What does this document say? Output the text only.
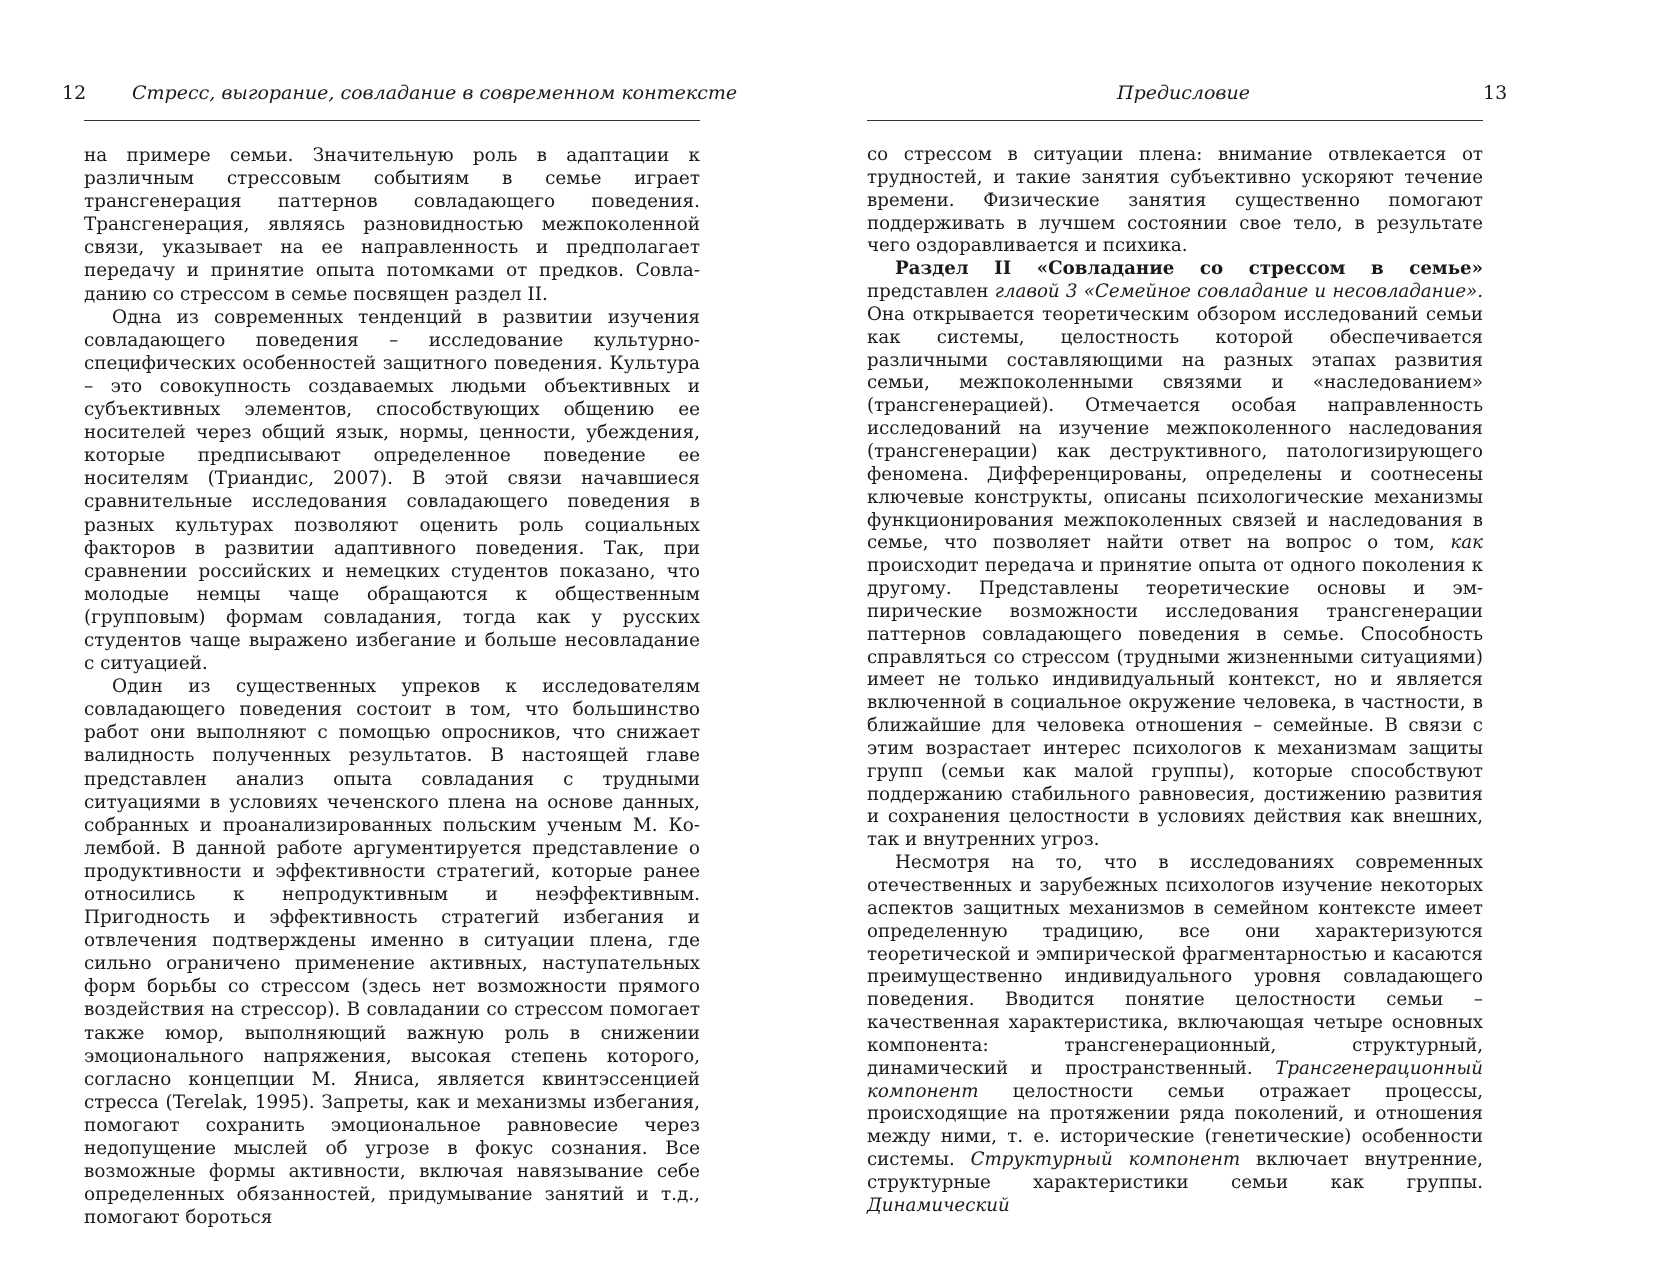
12 Стресс, выгорание, совладание в современном контексте

на примере семьи. Значительную роль в адаптации к различным стрессовым событиям в семье играет трансгенерация паттернов совладающего поведения. Трансгенерация, являясь разновидностью межпоколенной связи, указывает на ее направленность и предполагает передачу и принятие опыта потомками от предков. Совладанию со стрессом в семье посвящен раздел II.

Одна из современных тенденций в развитии изучения совладающего поведения – исследование культурно-специфических особенностей защитного поведения. Культура – это совокупность создаваемых людьми объективных и субъективных элементов, способствующих общению ее носителей через общий язык, нормы, ценности, убеждения, которые предписывают определенное поведение ее носителям (Триандис, 2007). В этой связи начавшиеся сравнительные исследования совладающего поведения в разных культурах позволяют оценить роль социальных факторов в развитии адаптивного поведения. Так, при сравнении российских и немецких студентов показано, что молодые немцы чаще обращаются к общественным (групповым) формам совладания, тогда как у русских студентов чаще выражено избегание и больше несовладание с ситуацией.

Один из существенных упреков к исследователям совладающего поведения состоит в том, что большинство работ они выполняют с помощью опросников, что снижает валидность полученных результатов. В настоящей главе представлен анализ опыта совладания с трудными ситуациями в условиях чеченского плена на основе данных, собранных и проанализированных польским ученым М. Колембой. В данной работе аргументируется представление о продуктивности и эффективности стратегий, которые ранее относились к непродуктивным и неэффективным. Пригодность и эффективность стратегий избегания и отвлечения подтверждены именно в ситуации плена, где сильно ограничено применение активных, наступательных форм борьбы со стрессом (здесь нет возможности прямого воздействия на стрессор). В совладании со стрессом помогает также юмор, выполняющий важную роль в снижении эмоционального напряжения, высокая степень которого, согласно концепции М. Яниса, является квинтэссенцией стресса (Terelak, 1995). Запреты, как и механизмы избегания, помогают сохранить эмоциональное равновесие через недопущение мыслей об угрозе в фокус сознания. Все возможные формы активности, включая навязывание себе определенных обязанностей, придумывание занятий и т.д., помогают бороться

Предисловие	13

со стрессом в ситуации плена: внимание отвлекается от трудностей, и такие занятия субъективно ускоряют течение времени. Физические занятия существенно помогают поддерживать в лучшем состоянии свое тело, в результате чего оздоравливается и психика.

Раздел II «Совладание со стрессом в семье» представлен главой 3 «Семейное совладание и несовладание». Она открывается теоретическим обзором исследований семьи как системы, целостность которой обеспечивается различными составляющими на разных этапах развития семьи, межпоколенными связями и «наследованием» (трансгенерацией). Отмечается особая направленность исследований на изучение межпоколенного наследования (трансгенерации) как деструктивного, патологизирующего феномена. Дифференцированы, определены и соотнесены ключевые конструкты, описаны психологические механизмы функционирования межпоколенных связей и наследования в семье, что позволяет найти ответ на вопрос о том, как происходит передача и принятие опыта от одного поколения к другому. Представлены теоретические основы и эмпирические возможности исследования трансгенерации паттернов совладающего поведения в семье. Способность справляться со стрессом (трудными жизненными ситуациями) имеет не только индивидуальный контекст, но и является включенной в социальное окружение человека, в частности, в ближайшие для человека отношения – семейные. В связи с этим возрастает интерес психологов к механизмам защиты групп (семьи как малой группы), которые способствуют поддержанию стабильного равновесия, достижению развития и сохранения целостности в условиях действия как внешних, так и внутренних угроз.

Несмотря на то, что в исследованиях современных отечественных и зарубежных психологов изучение некоторых аспектов защитных механизмов в семейном контексте имеет определенную традицию, все они характеризуются теоретической и эмпирической фрагментарностью и касаются преимущественно индивидуального уровня совладающего поведения. Вводится понятие целостности семьи – качественная характеристика, включающая четыре основных компонента: трансгенерационный, структурный, динамический и пространственный. Трансгенерационный компонент целостности семьи отражает процессы, происходящие на протяжении ряда поколений, и отношения между ними, т. е. исторические (генетические) особенности системы. Структурный компонент включает внутренние, структурные характеристики семьи как группы. Динамический
